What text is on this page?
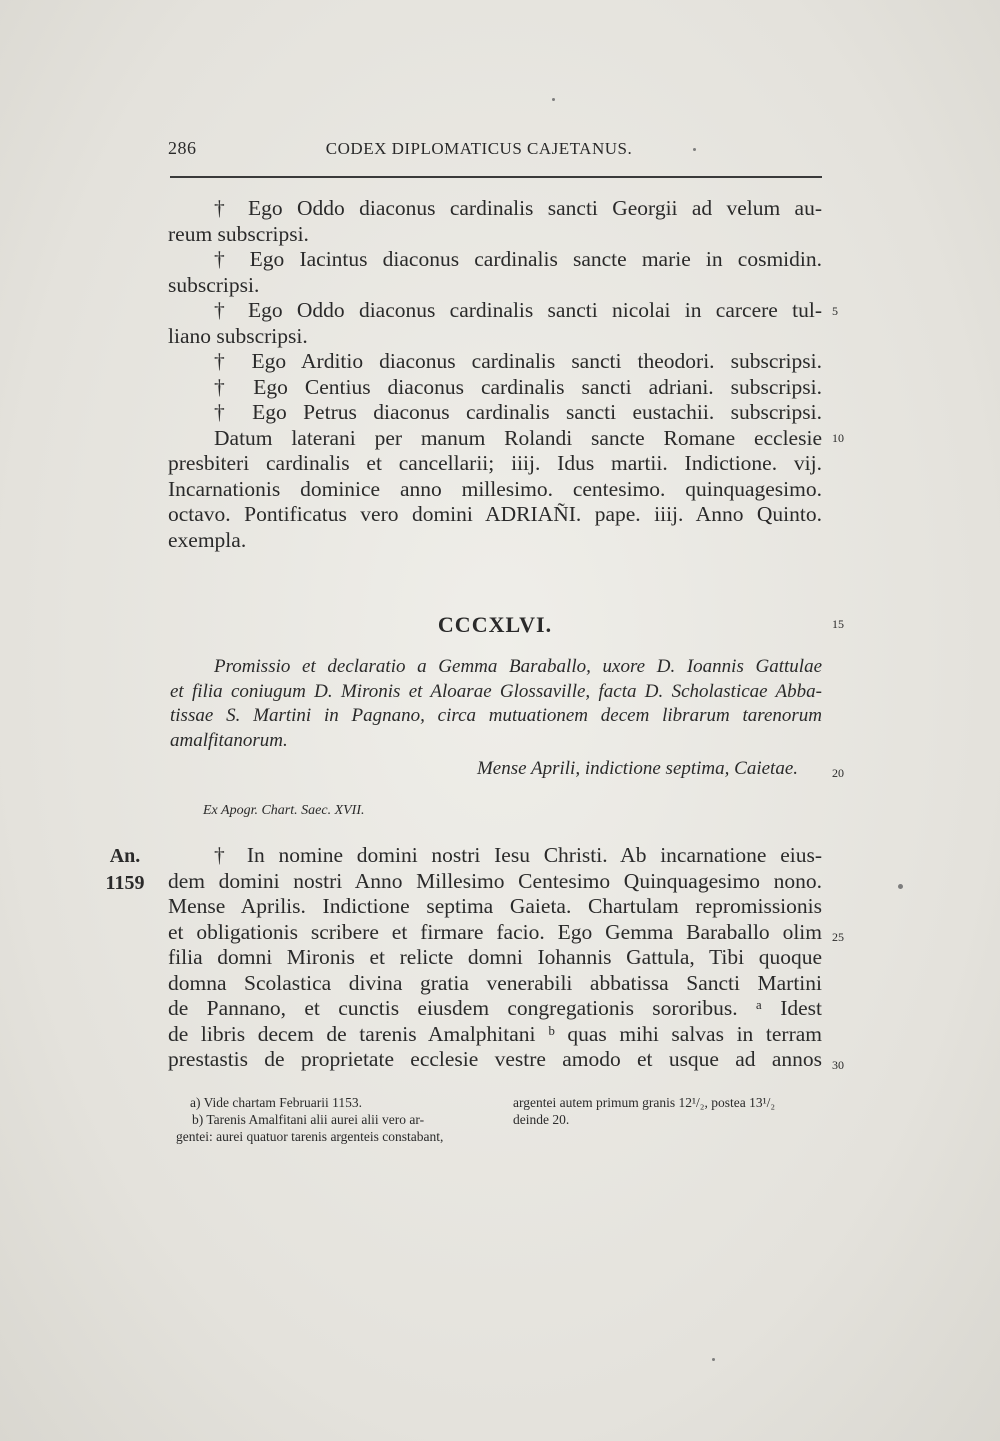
286	CODEX DIPLOMATICUS CAJETANUS.

† Ego Oddo diaconus cardinalis sancti Georgii ad velum au-

reum subscripsi.

† Ego Iacintus diaconus cardinalis sancte marie in cosmidin.

subscripsi.

† Ego Oddo diaconus cardinalis sancti nicolai in carcere tul-

liano subscripsi.

† Ego Arditio diaconus cardinalis sancti theodori. subscripsi.

† Ego Centius diaconus cardinalis sancti adriani. subscripsi.

† Ego Petrus diaconus cardinalis sancti eustachii. subscripsi.

Datum laterani per manum Rolandi sancte Romane ecclesie

presbiteri cardinalis et cancellarii; iiij. Idus martii. Indictione. vij.

Incarnationis dominice anno millesimo. centesimo. quinquagesimo.

octavo. Pontificatus vero domini ADRIAÑI. pape. iiij. Anno Quinto.

exempla.

5
10
15
20
25
30
CCCXLVI.

Promissio et declaratio a Gemma Baraballo, uxore D. Ioannis Gattulae

et filia coniugum D. Mironis et Aloarae Glossaville, facta D. Scholasticae Abba-

tissae S. Martini in Pagnano, circa mutuationem decem librarum tarenorum

amalfitanorum.

Mense Aprili, indictione septima, Caietae.
Ex Apogr. Chart. Saec. XVII.
An.
1159

† In nomine domini nostri Iesu Christi. Ab incarnatione eius-

dem domini nostri Anno Millesimo Centesimo Quinquagesimo nono.

Mense Aprilis. Indictione septima Gaieta. Chartulam repromissionis

et obligationis scribere et firmare facio. Ego Gemma Baraballo olim

filia domni Mironis et relicte domni Iohannis Gattula, Tibi quoque

domna Scolastica divina gratia venerabili abbatissa Sancti Martini

de Pannano, et cunctis eiusdem congregationis sororibus. ᵃ Idest

de libris decem de tarenis Amalphitani ᵇ quas mihi salvas in terram

prestastis de proprietate ecclesie vestre amodo et usque ad annos

a) Vide chartam Februarii 1153.

b) Tarenis Amalfitani alii aurei alii vero ar-

gentei: aurei quatuor tarenis argenteis constabant,

argentei autem primum granis 12¹/₂, postea 13¹/₂

deinde 20.
